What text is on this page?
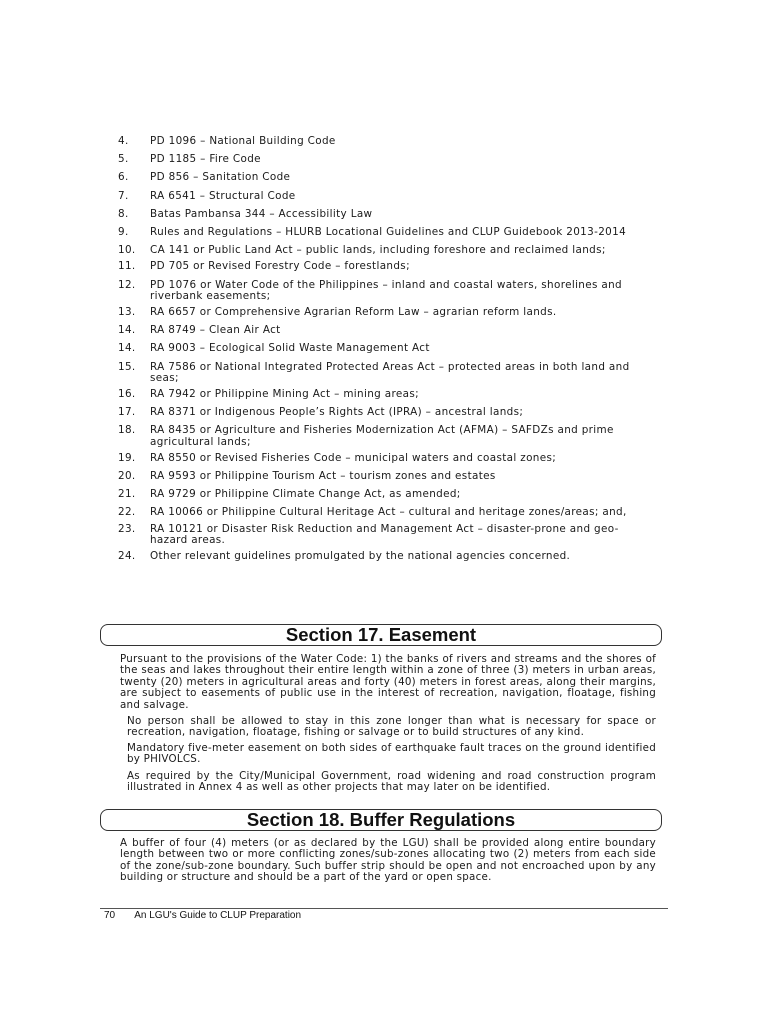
4.	PD 1096 – National Building Code
5.	PD 1185 – Fire Code
6.	PD 856 – Sanitation Code
7.	RA 6541 – Structural Code
8.	Batas Pambansa 344 – Accessibility Law
9.	Rules and Regulations – HLURB Locational Guidelines and CLUP Guidebook 2013-2014
10.	CA 141 or Public Land Act – public lands, including foreshore and reclaimed lands;
11.	PD 705 or Revised Forestry Code – forestlands;
12.	PD 1076 or Water Code of the Philippines – inland and coastal waters, shorelines and riverbank easements;
13.	RA 6657 or Comprehensive Agrarian Reform Law – agrarian reform lands.
14.	RA 8749 – Clean Air Act
14.	RA 9003 – Ecological Solid Waste Management Act
15.	RA 7586 or National Integrated Protected Areas Act – protected areas in both land and seas;
16.	RA 7942 or Philippine Mining Act – mining areas;
17.	RA 8371 or Indigenous People’s Rights Act (IPRA) – ancestral lands;
18.	RA 8435 or Agriculture and Fisheries Modernization Act (AFMA) – SAFDZs and prime agricultural lands;
19.	RA 8550 or Revised Fisheries Code – municipal waters and coastal zones;
20.	RA 9593 or Philippine Tourism Act – tourism zones and estates
21.	RA 9729 or Philippine Climate Change Act, as amended;
22.	RA 10066 or Philippine Cultural Heritage Act – cultural and heritage zones/areas; and,
23.	RA 10121 or Disaster Risk Reduction and Management Act – disaster-prone and geo-hazard areas.
24.	Other relevant guidelines promulgated by the national agencies concerned.
Section 17. Easement

Pursuant to the provisions of the Water Code: 1) the banks of rivers and streams and the shores of the seas and lakes throughout their entire length within a zone of three (3) meters in urban areas, twenty (20) meters in agricultural areas and forty (40) meters in forest areas, along their margins, are subject to easements of public use in the interest of recreation, navigation, floatage, fishing and salvage.

No person shall be allowed to stay in this zone longer than what is necessary for space or recreation, navigation, floatage, fishing or salvage or to build structures of any kind.

Mandatory five-meter easement on both sides of earthquake fault traces on the ground identified by PHIVOLCS.

As required by the City/Municipal Government, road widening and road construction program illustrated in Annex 4 as well as other projects that may later on be identified.

Section 18. Buffer Regulations

A buffer of four (4) meters (or as declared by the LGU) shall be provided along entire boundary length between two or more conflicting zones/sub-zones allocating two (2) meters from each side of the zone/sub-zone boundary. Such buffer strip should be open and not encroached upon by any building or structure and should be a part of the yard or open space.

70 An LGU's Guide to CLUP Preparation
